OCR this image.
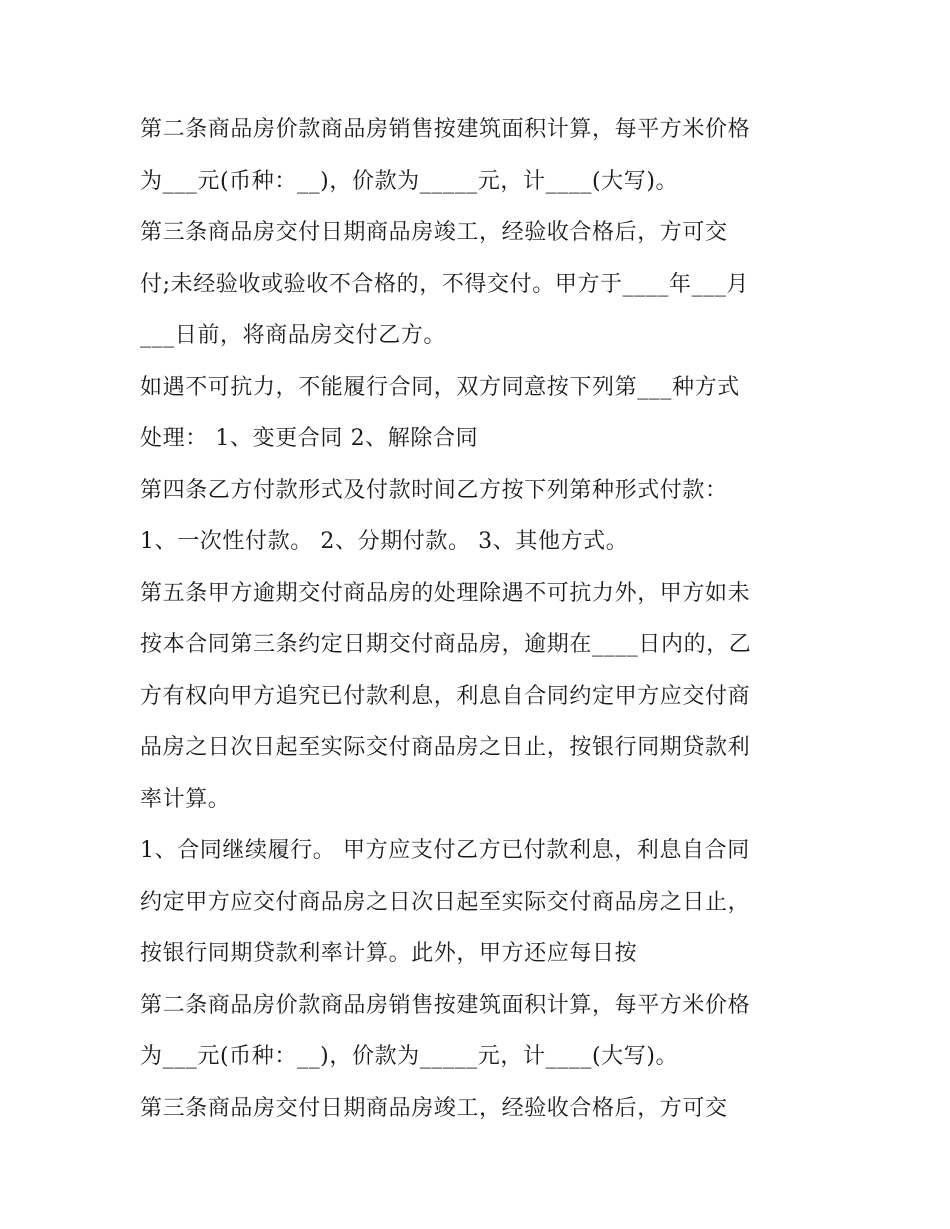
第二条商品房价款商品房销售按建筑面积计算，每平方米价格
为___元(币种：__)，价款为_____元，计____(大写)。
第三条商品房交付日期商品房竣工，经验收合格后，方可交
付;未经验收或验收不合格的，不得交付。甲方于____年___月
___日前，将商品房交付乙方。
如遇不可抗力，不能履行合同，双方同意按下列第___种方式
处理： 1、变更合同 2、解除合同
第四条乙方付款形式及付款时间乙方按下列第种形式付款：
1、一次性付款。 2、分期付款。 3、其他方式。
第五条甲方逾期交付商品房的处理除遇不可抗力外，甲方如未
按本合同第三条约定日期交付商品房，逾期在____日内的，乙
方有权向甲方追究已付款利息，利息自合同约定甲方应交付商
品房之日次日起至实际交付商品房之日止，按银行同期贷款利
率计算。
1、合同继续履行。 甲方应支付乙方已付款利息，利息自合同
约定甲方应交付商品房之日次日起至实际交付商品房之日止，
按银行同期贷款利率计算。此外，甲方还应每日按
第二条商品房价款商品房销售按建筑面积计算，每平方米价格
为___元(币种：__)，价款为_____元，计____(大写)。
第三条商品房交付日期商品房竣工，经验收合格后，方可交
